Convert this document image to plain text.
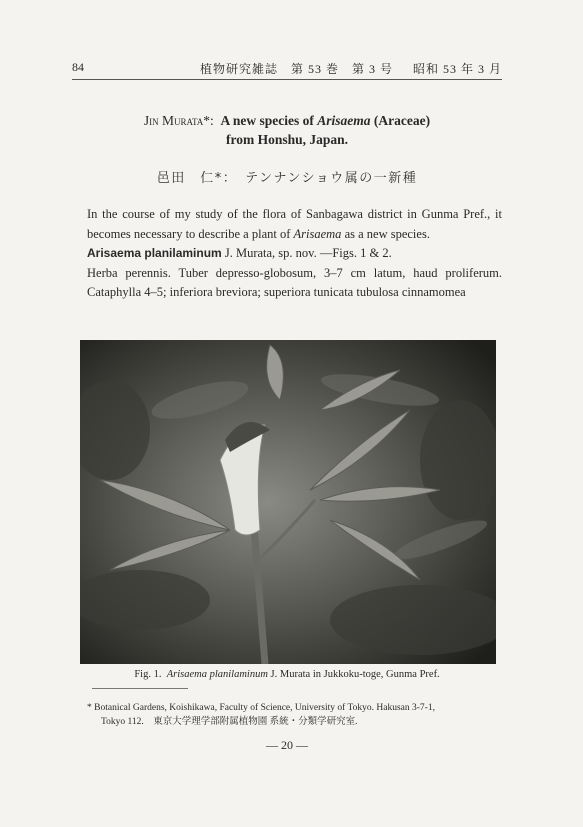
84	植物研究雑誌　第 53 巻　第 3 号 昭和 53 年 3 月
Jin Murata*: A new species of Arisaema (Araceae)
from Honshu, Japan.
邑田　仁*：　テンナンショウ属の一新種

In the course of my study of the flora of Sanbagawa district in Gunma Pref., it becomes necessary to describe a plant of Arisaema as a new species.

Arisaema planilaminum J. Murata, sp. nov. —Figs. 1 & 2.

Herba perennis. Tuber depresso-globosum, 3–7 cm latum, haud proliferum. Cataphylla 4–5; inferiora breviora; superiora tunicata tubulosa cinnamomea

Fig. 1. Arisaema planilaminum J. Murata in Jukkoku-toge, Gunma Pref.
* Botanical Gardens, Koishikawa, Faculty of Science, University of Tokyo. Hakusan 3-7-1,
Tokyo 112.　東京大学理学部附属植物園 系統・分類学研究室.
— 20 —
